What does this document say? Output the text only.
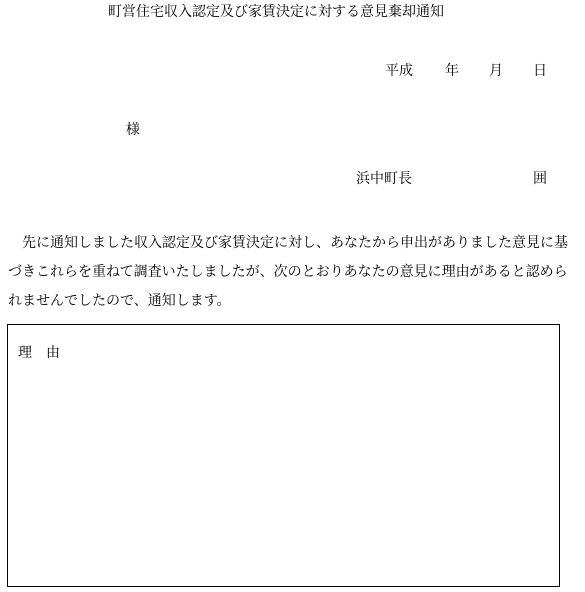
町営住宅収入認定及び家賃決定に対する意見棄却通知
平成 年 月 日
様
浜中町長	囲
先に通知しました収入認定及び家賃決定に対し、あなたから申出がありました意見に基づきこれらを重ねて調査いたしましたが、次のとおりあなたの意見に理由があると認められませんでしたので、通知します。
理　由
